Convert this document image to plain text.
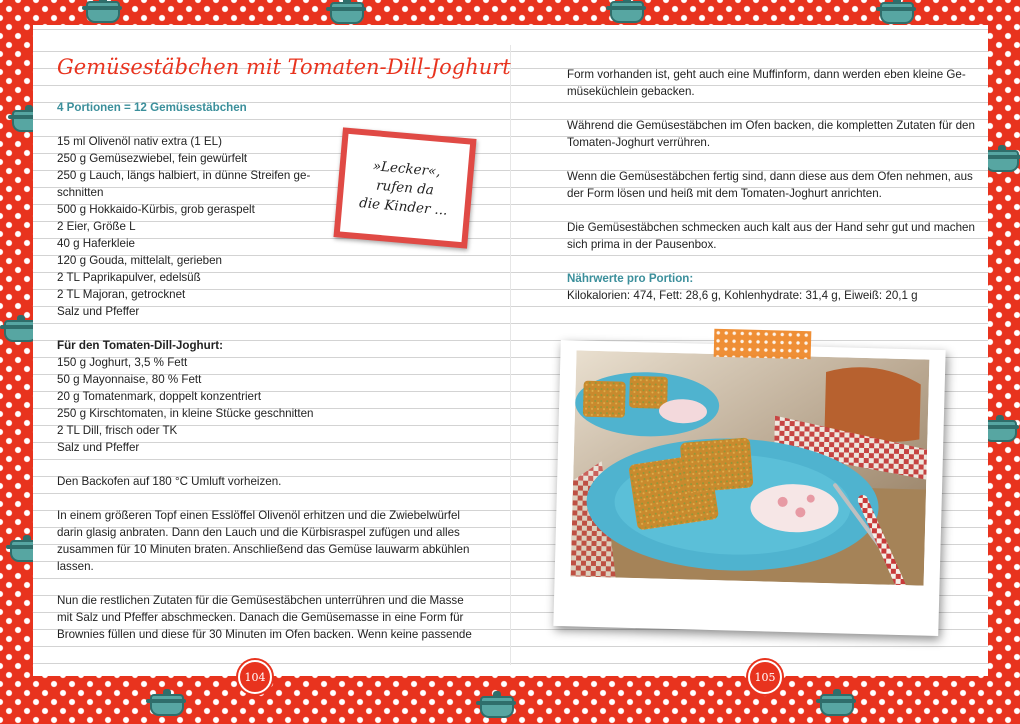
Gemüsestäbchen mit Tomaten-Dill-Joghurt

4 Portionen = 12 Gemüsestäbchen

15 ml Olivenöl nativ extra (1 EL)

250 g Gemüsezwiebel, fein gewürfelt

250 g Lauch, längs halbiert, in dünne Streifen ge-

schnitten

500 g Hokkaido-Kürbis, grob geraspelt

2 Eier, Größe L

40 g Haferkleie

120 g Gouda, mittelalt, gerieben

2 TL Paprikapulver, edelsüß

2 TL Majoran, getrocknet

Salz und Pfeffer

Für den Tomaten-Dill-Joghurt:

150 g Joghurt, 3,5 % Fett

50 g Mayonnaise, 80 % Fett

20 g Tomatenmark, doppelt konzentriert

250 g Kirschtomaten, in kleine Stücke geschnitten

2 TL Dill, frisch oder TK

Salz und Pfeffer

Den Backofen auf 180 °C Umluft vorheizen.

In einem größeren Topf einen Esslöffel Olivenöl erhitzen und die Zwiebelwürfel

darin glasig anbraten. Dann den Lauch und die Kürbisraspel zufügen und alles

zusammen für 10 Minuten braten. Anschließend das Gemüse lauwarm abkühlen

lassen.

Nun die restlichen Zutaten für die Gemüsestäbchen unterrühren und die Masse

mit Salz und Pfeffer abschmecken. Danach die Gemüsemasse in eine Form für

Brownies füllen und diese für 30 Minuten im Ofen backen. Wenn keine passende

Form vorhanden ist, geht auch eine Muffinform, dann werden eben kleine Ge-

müseküchlein gebacken.

Während die Gemüsestäbchen im Ofen backen, die kompletten Zutaten für den

Tomaten-Joghurt verrühren.

Wenn die Gemüsestäbchen fertig sind, dann diese aus dem Ofen nehmen, aus

der Form lösen und heiß mit dem Tomaten-Joghurt anrichten.

Die Gemüsestäbchen schmecken auch kalt aus der Hand sehr gut und machen

sich prima in der Pausenbox.

Nährwerte pro Portion:

Kilokalorien: 474, Fett: 28,6 g, Kohlenhydrate: 31,4 g, Eiweiß: 20,1 g

»Lecker«,
rufen da
die Kinder ...
104	105
